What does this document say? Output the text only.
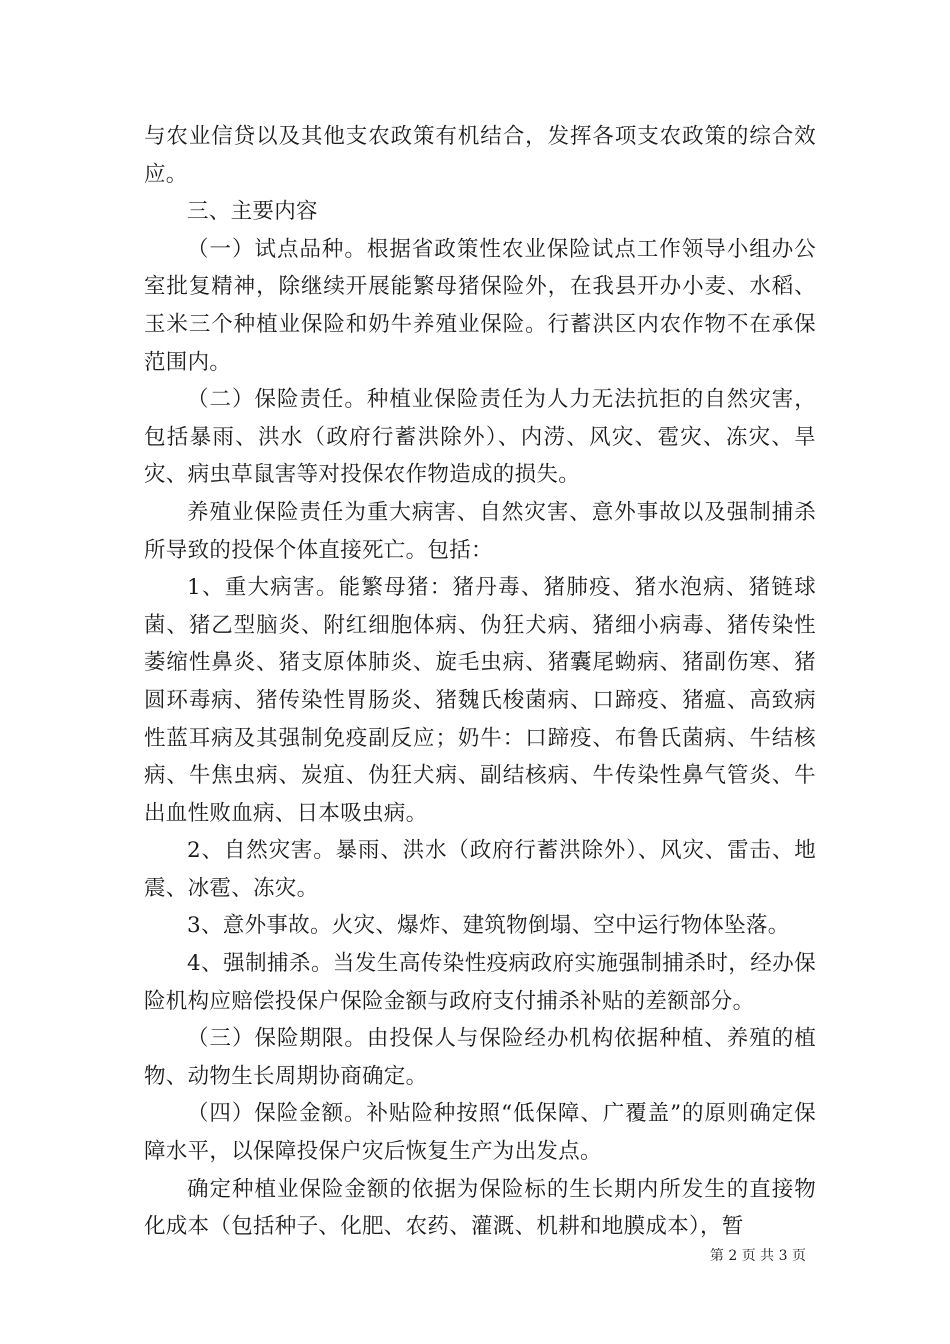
与农业信贷以及其他支农政策有机结合，发挥各项支农政策的综合效应。

三、主要内容

（一）试点品种。根据省政策性农业保险试点工作领导小组办公室批复精神，除继续开展能繁母猪保险外，在我县开办小麦、水稻、玉米三个种植业保险和奶牛养殖业保险。行蓄洪区内农作物不在承保范围内。

（二）保险责任。种植业保险责任为人力无法抗拒的自然灾害，包括暴雨、洪水（政府行蓄洪除外）、内涝、风灾、雹灾、冻灾、旱灾、病虫草鼠害等对投保农作物造成的损失。

养殖业保险责任为重大病害、自然灾害、意外事故以及强制捕杀所导致的投保个体直接死亡。包括：

1、重大病害。能繁母猪：猪丹毒、猪肺疫、猪水泡病、猪链球菌、猪乙型脑炎、附红细胞体病、伪狂犬病、猪细小病毒、猪传染性萎缩性鼻炎、猪支原体肺炎、旋毛虫病、猪囊尾蚴病、猪副伤寒、猪圆环毒病、猪传染性胃肠炎、猪魏氏梭菌病、口蹄疫、猪瘟、高致病性蓝耳病及其强制免疫副反应；奶牛：口蹄疫、布鲁氏菌病、牛结核病、牛焦虫病、炭疽、伪狂犬病、副结核病、牛传染性鼻气管炎、牛出血性败血病、日本吸虫病。

2、自然灾害。暴雨、洪水（政府行蓄洪除外）、风灾、雷击、地震、冰雹、冻灾。

3、意外事故。火灾、爆炸、建筑物倒塌、空中运行物体坠落。

4、强制捕杀。当发生高传染性疫病政府实施强制捕杀时，经办保险机构应赔偿投保户保险金额与政府支付捕杀补贴的差额部分。

（三）保险期限。由投保人与保险经办机构依据种植、养殖的植物、动物生长周期协商确定。

（四）保险金额。补贴险种按照“低保障、广覆盖”的原则确定保障水平，以保障投保户灾后恢复生产为出发点。

确定种植业保险金额的依据为保险标的生长期内所发生的直接物化成本（包括种子、化肥、农药、灌溉、机耕和地膜成本），暂

第 2 页 共 3 页
